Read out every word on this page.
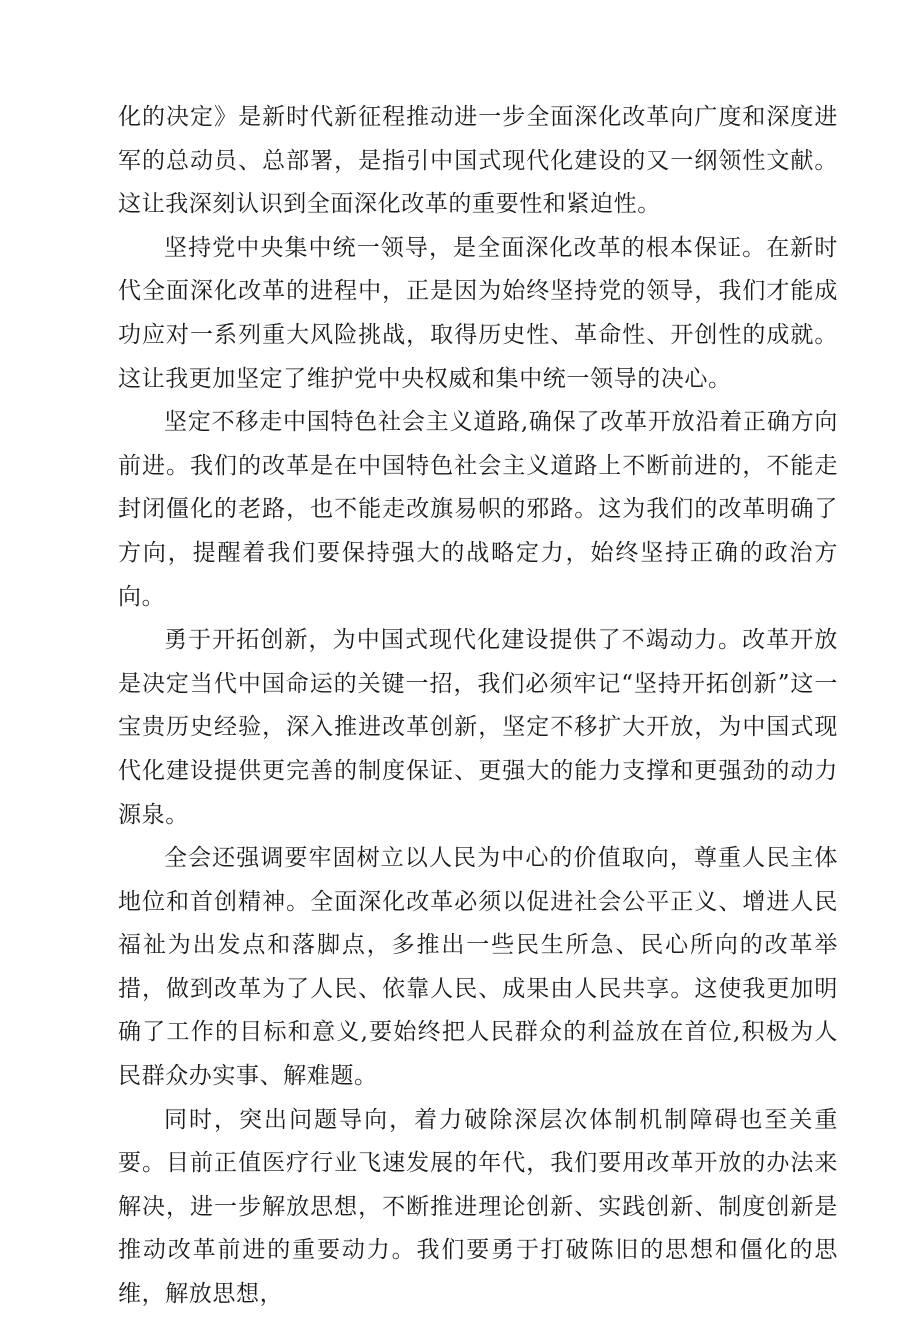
化的决定》是新时代新征程推动进一步全面深化改革向广度和深度进军的总动员、总部署，是指引中国式现代化建设的又一纲领性文献。这让我深刻认识到全面深化改革的重要性和紧迫性。

坚持党中央集中统一领导，是全面深化改革的根本保证。在新时代全面深化改革的进程中，正是因为始终坚持党的领导，我们才能成功应对一系列重大风险挑战，取得历史性、革命性、开创性的成就。这让我更加坚定了维护党中央权威和集中统一领导的决心。

坚定不移走中国特色社会主义道路,确保了改革开放沿着正确方向前进。我们的改革是在中国特色社会主义道路上不断前进的，不能走封闭僵化的老路，也不能走改旗易帜的邪路。这为我们的改革明确了方向，提醒着我们要保持强大的战略定力，始终坚持正确的政治方向。

勇于开拓创新，为中国式现代化建设提供了不竭动力。改革开放是决定当代中国命运的关键一招，我们必须牢记“坚持开拓创新”这一宝贵历史经验，深入推进改革创新，坚定不移扩大开放，为中国式现代化建设提供更完善的制度保证、更强大的能力支撑和更强劲的动力源泉。

全会还强调要牢固树立以人民为中心的价值取向，尊重人民主体地位和首创精神。全面深化改革必须以促进社会公平正义、增进人民福祉为出发点和落脚点，多推出一些民生所急、民心所向的改革举措，做到改革为了人民、依靠人民、成果由人民共享。这使我更加明确了工作的目标和意义,要始终把人民群众的利益放在首位,积极为人民群众办实事、解难题。

同时，突出问题导向，着力破除深层次体制机制障碍也至关重要。目前正值医疗行业飞速发展的年代，我们要用改革开放的办法来解决，进一步解放思想，不断推进理论创新、实践创新、制度创新是推动改革前进的重要动力。我们要勇于打破陈旧的思想和僵化的思维，解放思想，
